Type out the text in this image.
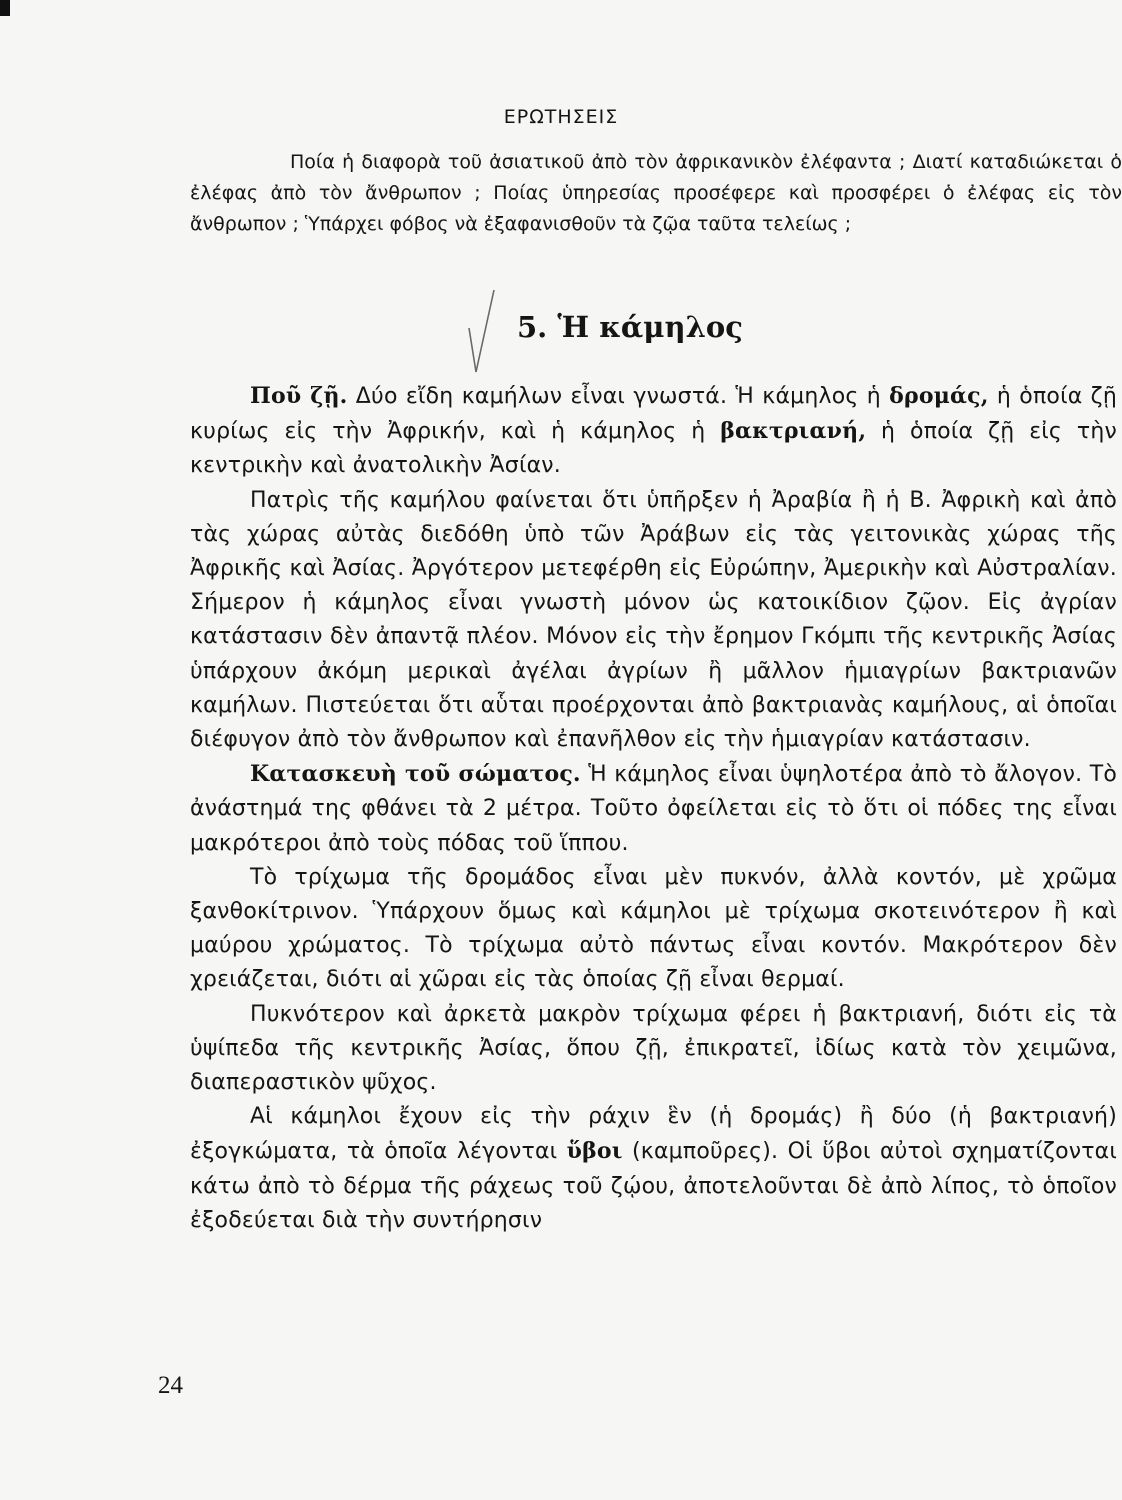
ΕΡΩΤΗΣΕΙΣ
Ποία ἡ διαφορὰ τοῦ ἀσιατικοῦ ἀπὸ τὸν ἀφρικανικὸν ἐλέφαντα ; Διατί καταδιώκεται ὁ ἐλέφας ἀπὸ τὸν ἄνθρωπον ; Ποίας ὑπηρεσίας προσέφερε καὶ προσφέρει ὁ ἐλέφας εἰς τὸν ἄνθρωπον ; Ὑπάρχει φόβος νὰ ἐξαφανισθοῦν τὰ ζῷα ταῦτα τελείως ;
5. Ἡ κάμηλος

Ποῦ ζῇ. Δύο εἴδη καμήλων εἶναι γνωστά. Ἡ κάμηλος ἡ δρομάς, ἡ ὁποία ζῇ κυρίως εἰς τὴν Ἀφρικήν, καὶ ἡ κάμηλος ἡ βακτριανή, ἡ ὁποία ζῇ εἰς τὴν κεντρικὴν καὶ ἀνατολικὴν Ἀσίαν.

Πατρὶς τῆς καμήλου φαίνεται ὅτι ὑπῆρξεν ἡ Ἀραβία ἢ ἡ Β. Ἀφρικὴ καὶ ἀπὸ τὰς χώρας αὐτὰς διεδόθη ὑπὸ τῶν Ἀράβων εἰς τὰς γειτονικὰς χώρας τῆς Ἀφρικῆς καὶ Ἀσίας. Ἀργότερον μετεφέρθη εἰς Εὐρώπην, Ἀμερικὴν καὶ Αὐστραλίαν. Σήμερον ἡ κάμηλος εἶναι γνωστὴ μόνον ὡς κατοικίδιον ζῷον. Εἰς ἀγρίαν κατάστασιν δὲν ἀπαντᾷ πλέον. Μόνον εἰς τὴν ἔρημον Γκόμπι τῆς κεντρικῆς Ἀσίας ὑπάρχουν ἀκόμη μερικαὶ ἀγέλαι ἀγρίων ἢ μᾶλλον ἡμιαγρίων βακτριανῶν καμήλων. Πιστεύεται ὅτι αὗται προέρχονται ἀπὸ βακτριανὰς καμήλους, αἱ ὁποῖαι διέφυγον ἀπὸ τὸν ἄνθρωπον καὶ ἐπανῆλθον εἰς τὴν ἡμιαγρίαν κατάστασιν.

Κατασκευὴ τοῦ σώματος. Ἡ κάμηλος εἶναι ὑψηλοτέρα ἀπὸ τὸ ἄλογον. Τὸ ἀνάστημά της φθάνει τὰ 2 μέτρα. Τοῦτο ὀφείλεται εἰς τὸ ὅτι οἱ πόδες της εἶναι μακρότεροι ἀπὸ τοὺς πόδας τοῦ ἵππου.

Τὸ τρίχωμα τῆς δρομάδος εἶναι μὲν πυκνόν, ἀλλὰ κοντόν, μὲ χρῶμα ξανθοκίτρινον. Ὑπάρχουν ὅμως καὶ κάμηλοι μὲ τρίχωμα σκοτεινότερον ἢ καὶ μαύρου χρώματος. Τὸ τρίχωμα αὐτὸ πάντως εἶναι κοντόν. Μακρότερον δὲν χρειάζεται, διότι αἱ χῶραι εἰς τὰς ὁποίας ζῇ εἶναι θερμαί.

Πυκνότερον καὶ ἀρκετὰ μακρὸν τρίχωμα φέρει ἡ βακτριανή, διότι εἰς τὰ ὑψίπεδα τῆς κεντρικῆς Ἀσίας, ὅπου ζῇ, ἐπικρατεῖ, ἰδίως κατὰ τὸν χειμῶνα, διαπεραστικὸν ψῦχος.

Αἱ κάμηλοι ἔχουν εἰς τὴν ράχιν ἓν (ἡ δρομάς) ἢ δύο (ἡ βακτριανή) ἐξογκώματα, τὰ ὁποῖα λέγονται ὕβοι (καμποῦρες). Οἱ ὕβοι αὐτοὶ σχηματίζονται κάτω ἀπὸ τὸ δέρμα τῆς ράχεως τοῦ ζῴου, ἀποτελοῦνται δὲ ἀπὸ λίπος, τὸ ὁποῖον ἐξοδεύεται διὰ τὴν συντήρησιν

24
